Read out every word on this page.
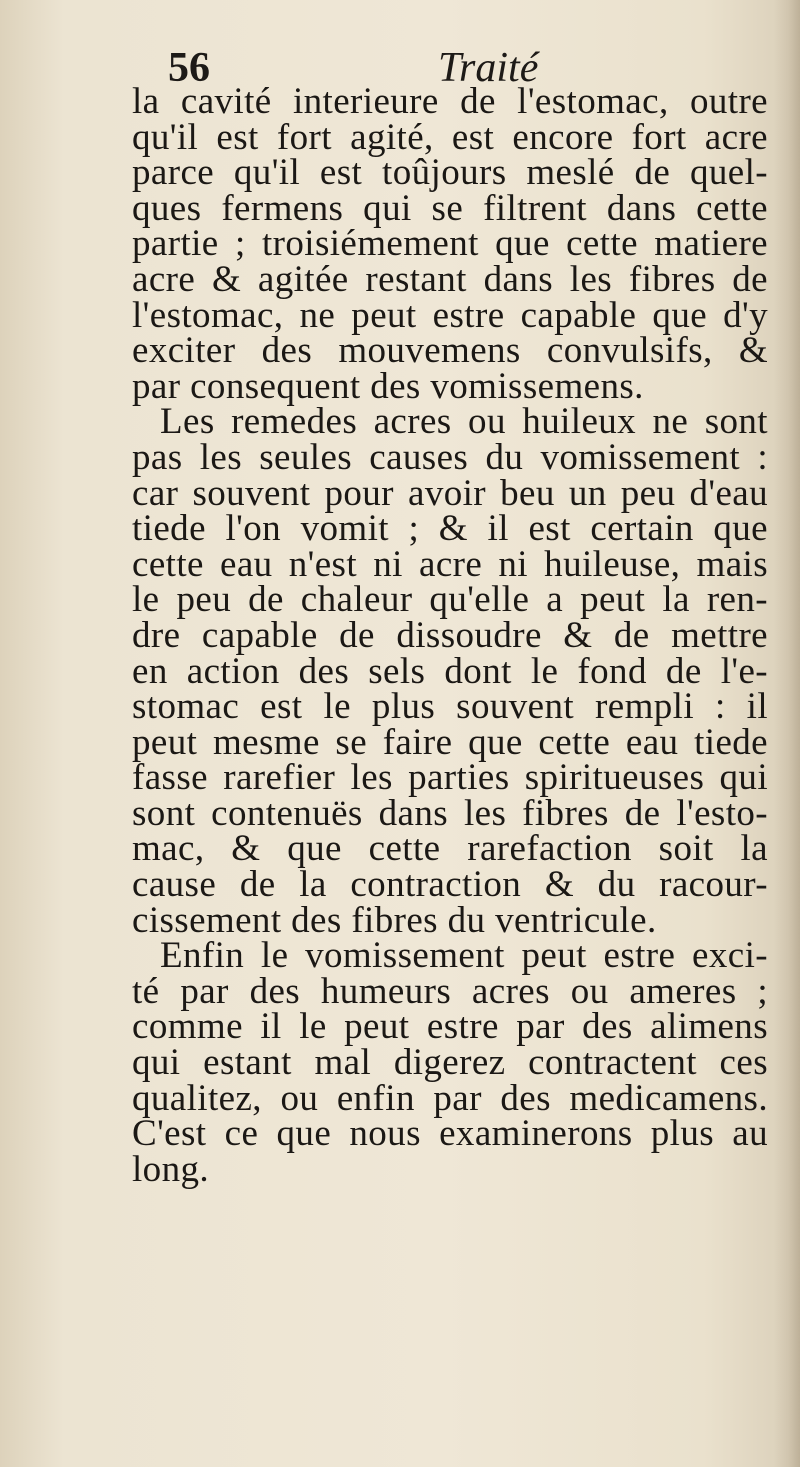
56	Traité
la cavité interieure de l'estomac, outre
qu'il est fort agité, est encore fort acre
parce qu'il est toûjours meslé de quel-
ques fermens qui se filtrent dans cette
partie ; troisiémement que cette matiere
acre & agitée restant dans les fibres de
l'estomac, ne peut estre capable que d'y
exciter des mouvemens convulsifs, &
par consequent des vomissemens.
Les remedes acres ou huileux ne sont
pas les seules causes du vomissement :
car souvent pour avoir beu un peu d'eau
tiede l'on vomit ; & il est certain que
cette eau n'est ni acre ni huileuse, mais
le peu de chaleur qu'elle a peut la ren-
dre capable de dissoudre & de mettre
en action des sels dont le fond de l'e-
stomac est le plus souvent rempli : il
peut mesme se faire que cette eau tiede
fasse rarefier les parties spiritueuses qui
sont contenuës dans les fibres de l'esto-
mac, & que cette rarefaction soit la
cause de la contraction & du racour-
cissement des fibres du ventricule.
Enfin le vomissement peut estre exci-
té par des humeurs acres ou ameres ;
comme il le peut estre par des alimens
qui estant mal digerez contractent ces
qualitez, ou enfin par des medicamens.
C'est ce que nous examinerons plus au
long.
